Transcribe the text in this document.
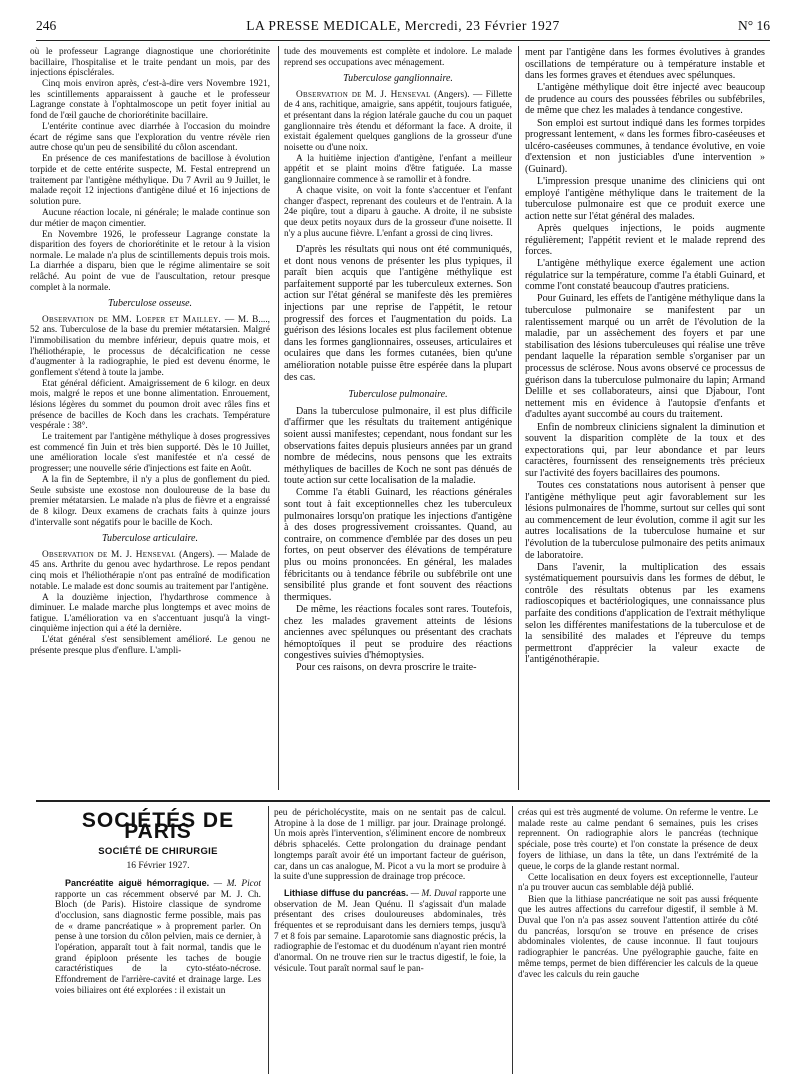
246	LA PRESSE MEDICALE, Mercredi, 23 Février 1927	N° 16

où le professeur Lagrange diagnostique une choriorétinite bacillaire, l'hospitalise et le traite pendant un mois, par des injections épisclérales.

Cinq mois environ après, c'est-à-dire vers Novembre 1921, les scintillements apparaissent à gauche et le professeur Lagrange constate à l'ophtalmoscope un petit foyer initial au fond de l'œil gauche de choriorétinite bacillaire.

L'entérite continue avec diarrhée à l'occasion du moindre écart de régime sans que l'exploration du ventre révèle rien autre chose qu'un peu de sensibilité du côlon ascendant.

En présence de ces manifestations de bacillose à évolution torpide et de cette entérite suspecte, M. Festal entreprend un traitement par l'antigène méthylique. Du 7 Avril au 9 Juillet, le malade reçoit 12 injections d'antigène dilué et 16 injections de solution pure.

Aucune réaction locale, ni générale; le malade continue son dur métier de maçon cimentier.

En Novembre 1926, le professeur Lagrange constate la disparition des foyers de choriorétinite et le retour à la vision normale. Le malade n'a plus de scintillements depuis trois mois. La diarrhée a disparu, bien que le régime alimentaire se soit relâché. Au point de vue de l'auscultation, retour presque complet à la normale.

Tuberculose osseuse.

Observation de MM. Loeper et Mailley. — M. B...., 52 ans. Tuberculose de la base du premier métatarsien. Malgré l'immobilisation du membre inférieur, depuis quatre mois, et l'héliothérapie, le processus de décalcification ne cesse d'augmenter à la radiographie, le pied est devenu énorme, le gonflement s'étend à toute la jambe.

Etat général déficient. Amaigrissement de 6 kilogr. en deux mois, malgré le repos et une bonne alimentation. Enrouement, lésions légères du sommet du poumon droit avec râles fins et présence de bacilles de Koch dans les crachats. Température vespérale : 38°.

Le traitement par l'antigène méthylique à doses progressives est commencé fin Juin et très bien supporté. Dès le 10 Juillet, une amélioration locale s'est manifestée et n'a cessé de progresser; une nouvelle série d'injections est faite en Août.

A la fin de Septembre, il n'y a plus de gonflement du pied. Seule subsiste une exostose non douloureuse de la base du premier métatarsien. Le malade n'a plus de fièvre et a engraissé de 8 kilogr. Deux examens de crachats faits à quinze jours d'intervalle sont négatifs pour le bacille de Koch.

Tuberculose articulaire.

Observation de M. J. Henseval (Angers). — Malade de 45 ans. Arthrite du genou avec hydarthrose. Le repos pendant cinq mois et l'héliothérapie n'ont pas entraîné de modification notable. Le malade est donc soumis au traitement par l'antigène.

A la douzième injection, l'hydarthrose commence à diminuer. Le malade marche plus longtemps et avec moins de fatigue. L'amélioration va en s'accentuant jusqu'à la vingt-cinquième injection qui a été la dernière.

L'état général s'est sensiblement amélioré. Le genou ne présente presque plus d'enflure. L'ampli-

tude des mouvements est complète et indolore. Le malade reprend ses occupations avec ménagement.

Tuberculose ganglionnaire.

Observation de M. J. Henseval (Angers). — Fillette de 4 ans, rachitique, amaigrie, sans appétit, toujours fatiguée, et présentant dans la région latérale gauche du cou un paquet ganglionnaire très étendu et déformant la face. A droite, il existait également quelques ganglions de la grosseur d'une noisette ou d'une noix.

A la huitième injection d'antigène, l'enfant a meilleur appétit et se plaint moins d'être fatiguée. La masse ganglionnaire commence à se ramollir et à fondre.

A chaque visite, on voit la fonte s'accentuer et l'enfant changer d'aspect, reprenant des couleurs et de l'entrain. A la 24e piqûre, tout a diparu à gauche. A droite, il ne subsiste que deux petits noyaux durs de la grosseur d'une noisette. Il n'y a plus aucune fièvre. L'enfant a grossi de cinq livres.

D'après les résultats qui nous ont été communiqués, et dont nous venons de présenter les plus typiques, il paraît bien acquis que l'antigène méthylique est parfaitement supporté par les tuberculeux externes. Son action sur l'état général se manifeste dès les premières injections par une reprise de l'appétit, le retour progressif des forces et l'augmentation du poids. La guérison des lésions locales est plus facilement obtenue dans les formes ganglionnaires, osseuses, articulaires et oculaires que dans les formes cutanées, bien qu'une amélioration notable puisse être espérée dans la plupart des cas.

Tuberculose pulmonaire.

Dans la tuberculose pulmonaire, il est plus difficile d'affirmer que les résultats du traitement antigénique soient aussi manifestes; cependant, nous fondant sur les observations faites depuis plusieurs années par un grand nombre de médecins, nous pensons que les extraits méthyliques de bacilles de Koch ne sont pas dénués de toute action sur cette localisation de la maladie.

Comme l'a établi Guinard, les réactions générales sont tout à fait exceptionnelles chez les tuberculeux pulmonaires lorsqu'on pratique les injections d'antigène à des doses progressivement croissantes. Quand, au contraire, on commence d'emblée par des doses un peu fortes, on peut observer des élévations de température plus ou moins prononcées. En général, les malades fébricitants ou à tendance fébrile ou subfébrile ont une sensibilité plus grande et font souvent des réactions thermiques.

De même, les réactions focales sont rares. Toutefois, chez les malades gravement atteints de lésions anciennes avec spélunques ou présentant des crachats hémoptoïques il peut se produire des réactions congestives suivies d'hémoptysies.

Pour ces raisons, on devra proscrire le traite-

ment par l'antigène dans les formes évolutives à grandes oscillations de température ou à température instable et dans les formes graves et étendues avec spélunques.

L'antigène méthylique doit être injecté avec beaucoup de prudence au cours des poussées fébriles ou subfébriles, de même que chez les malades à tendance congestive.

Son emploi est surtout indiqué dans les formes torpides progressant lentement, « dans les formes fibro-caséeuses et ulcéro-caséeuses communes, à tendance évolutive, en voie d'extension et non justiciables d'une intervention » (Guinard).

L'impression presque unanime des cliniciens qui ont employé l'antigène méthylique dans le traitement de la tuberculose pulmonaire est que ce produit exerce une action nette sur l'état général des malades.

Après quelques injections, le poids augmente régulièrement; l'appétit revient et le malade reprend des forces.

L'antigène méthylique exerce également une action régulatrice sur la température, comme l'a établi Guinard, et comme l'ont constaté beaucoup d'autres praticiens.

Pour Guinard, les effets de l'antigène méthylique dans la tuberculose pulmonaire se manifestent par un ralentissement marqué ou un arrêt de l'évolution de la maladie, par un assèchement des foyers et par une stabilisation des lésions tuberculeuses qui réalise une trêve pendant laquelle la réparation semble s'organiser par un processus de sclérose. Nous avons observé ce processus de guérison dans la tuberculose pulmonaire du lapin; Armand Delille et ses collaborateurs, ainsi que Djabour, l'ont nettement mis en évidence à l'autopsie d'enfants et d'adultes ayant succombé au cours du traitement.

Enfin de nombreux cliniciens signalent la diminution et souvent la disparition complète de la toux et des expectorations qui, par leur abondance et par leurs caractères, fournissent des renseignements très précieux sur l'activité des foyers bacillaires des poumons.

Toutes ces constatations nous autorisent à penser que l'antigène méthylique peut agir favorablement sur les lésions pulmonaires de l'homme, surtout sur celles qui sont au commencement de leur évolution, comme il agit sur les autres localisations de la tuberculose humaine et sur l'évolution de la tuberculose pulmonaire des petits animaux de laboratoire.

Dans l'avenir, la multiplication des essais systématiquement poursuivis dans les formes de début, le contrôle des résultats obtenus par les examens radioscopiques et bactériologiques, une connaissance plus parfaite des conditions d'application de l'extrait méthylique selon les différentes manifestations de la tuberculose et de la sensibilité des malades et l'épreuve du temps permettront d'apprécier la valeur exacte de l'antigénothérapie.

SOCIÉTÉS DE PARIS
SOCIÉTÉ DE CHIRURGIE
16 Février 1927.

Pancréatite aiguë hémorragique. — M. Picot rapporte un cas récemment observé par M. J. Ch. Bloch (de Paris). Histoire classique de syndrome d'occlusion, sans diagnostic ferme possible, mais pas de « drame pancréatique » à proprement parler. On pense à une torsion du côlon pelvien, mais ce dernier, à l'opération, apparaît tout à fait normal, tandis que le grand épiploon présente les taches de bougie caractéristiques de la cyto-stéato-nécrose. Effondrement de l'arrière-cavité et drainage large. Les voies biliaires ont été explorées : il existait un

peu de péricholécystite, mais on ne sentait pas de calcul. Atropine à la dose de 1 milligr. par jour. Drainage prolongé. Un mois après l'intervention, s'éliminent encore de nombreux débris sphacelés. Cette prolongation du drainage pendant longtemps paraît avoir été un important facteur de guérison, car, dans un cas analogue, M. Picot a vu la mort se produire à la suite d'une suppression de drainage trop précoce.

Lithiase diffuse du pancréas. — M. Duval rapporte une observation de M. Jean Quénu. Il s'agissait d'un malade présentant des crises douloureuses abdominales, très fréquentes et se reproduisant dans les derniers temps, jusqu'à 7 et 8 fois par semaine. Laparotomie sans diagnostic précis, la radiographie de l'estomac et du duodénum n'ayant rien montré d'anormal. On ne trouve rien sur le tractus digestif, le foie, la vésicule. Tout paraît normal sauf le pan-

créas qui est très augmenté de volume. On referme le ventre. Le malade reste au calme pendant 6 semaines, puis les crises reprennent. On radiographie alors le pancréas (technique spéciale, pose très courte) et l'on constate la présence de deux foyers de lithiase, un dans la tête, un dans l'extrémité de la queue, le corps de la glande restant normal.

Cette localisation en deux foyers est exceptionnelle, l'auteur n'a pu trouver aucun cas semblable déjà publié.

Bien que la lithiase pancréatique ne soit pas aussi fréquente que les autres affections du carrefour digestif, il semble à M. Duval que l'on n'a pas assez souvent l'attention attirée du côté du pancréas, lorsqu'on se trouve en présence de crises abdominales violentes, de cause inconnue. Il faut toujours radiographier le pancréas. Une pyélographie gauche, faite en même temps, permet de bien différencier les calculs de la queue d'avec les calculs du rein gauche
